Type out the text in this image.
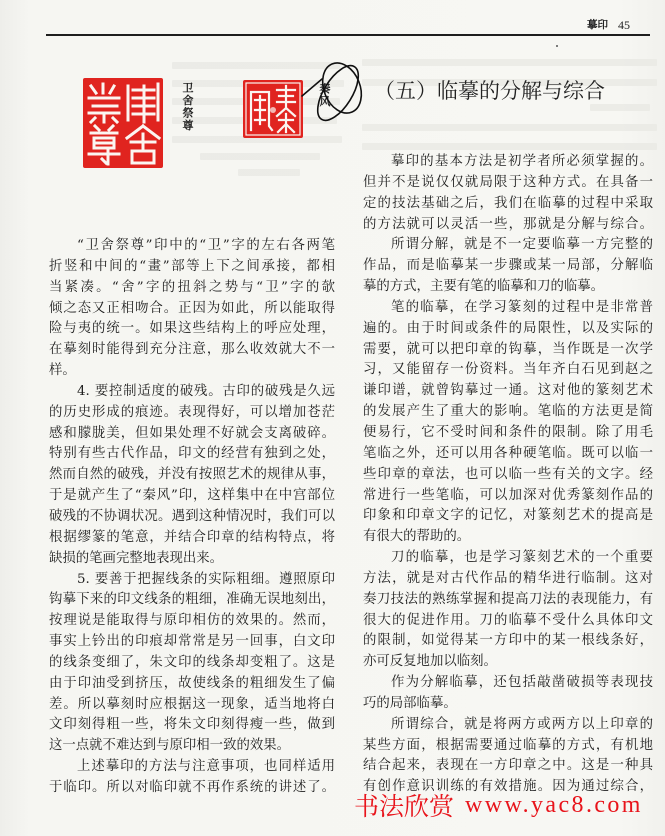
摹印 45
卫舍祭尊	秦风 （五）临摹的分解与综合
“卫舍祭尊”印中的“卫”字的左右各两笔
折竖和中间的“畫”部等上下之间承接，都相
当紧凑。“舍”字的扭斜之势与“卫”字的欹
倾之态又正相吻合。正因为如此，所以能取得
险与夷的统一。如果这些结构上的呼应处理，
在摹刻时能得到充分注意，那么收效就大不一
样。
4. 要控制适度的破残。古印的破残是久远
的历史形成的痕迹。表现得好，可以增加苍茫
感和朦胧美，但如果处理不好就会支离破碎。
特别有些古代作品，印文的经营有独到之处，
然而自然的破残，并没有按照艺术的规律从事，
于是就产生了“秦风”印，这样集中在中宫部位
破残的不协调状况。遇到这种情况时，我们可以
根据缪篆的笔意，并结合印章的结构特点，将
缺损的笔画完整地表现出来。
5. 要善于把握线条的实际粗细。遵照原印
钩摹下来的印文线条的粗细，准确无误地刻出，
按理说是能取得与原印相仿的效果的。然而，
事实上钤出的印痕却常常是另一回事，白文印
的线条变细了，朱文印的线条却变粗了。这是
由于印油受到挤压，故使线条的粗细发生了偏
差。所以摹刻时应根据这一现象，适当地将白
文印刻得粗一些，将朱文印刻得瘦一些，做到
这一点就不难达到与原印相一致的效果。
上述摹印的方法与注意事项，也同样适用
于临印。所以对临印就不再作系统的讲述了。
摹印的基本方法是初学者所必须掌握的。
但并不是说仅仅就局限于这种方式。在具备一
定的技法基础之后，我们在临摹的过程中采取
的方法就可以灵活一些，那就是分解与综合。
所谓分解，就是不一定要临摹一方完整的
作品，而是临摹某一步骤或某一局部，分解临
摹的方式，主要有笔的临摹和刀的临摹。
笔的临摹，在学习篆刻的过程中是非常普
遍的。由于时间或条件的局限性，以及实际的
需要，就可以把印章的钩摹，当作既是一次学
习，又能留存一份资料。当年齐白石见到赵之
谦印谱，就曾钩摹过一通。这对他的篆刻艺术
的发展产生了重大的影响。笔临的方法更是简
便易行，它不受时间和条件的限制。除了用毛
笔临之外，还可以用各种硬笔临。既可以临一
些印章的章法，也可以临一些有关的文字。经
常进行一些笔临，可以加深对优秀篆刻作品的
印象和印章文字的记忆，对篆刻艺术的提高是
有很大的帮助的。
刀的临摹，也是学习篆刻艺术的一个重要
方法，就是对古代作品的精华进行临制。这对
奏刀技法的熟练掌握和提高刀法的表现能力，有
很大的促进作用。刀的临摹不受什么具体印文
的限制，如觉得某一方印中的某一根线条好，
亦可反复地加以临刻。
作为分解临摹，还包括敲凿破损等表现技
巧的局部临摹。
所谓综合，就是将两方或两方以上印章的
某些方面，根据需要通过临摹的方式，有机地
结合起来，表现在一方印章之中。这是一种具
有创作意识训练的有效措施。因为通过综合，
书法欣赏 www.yac8.com
